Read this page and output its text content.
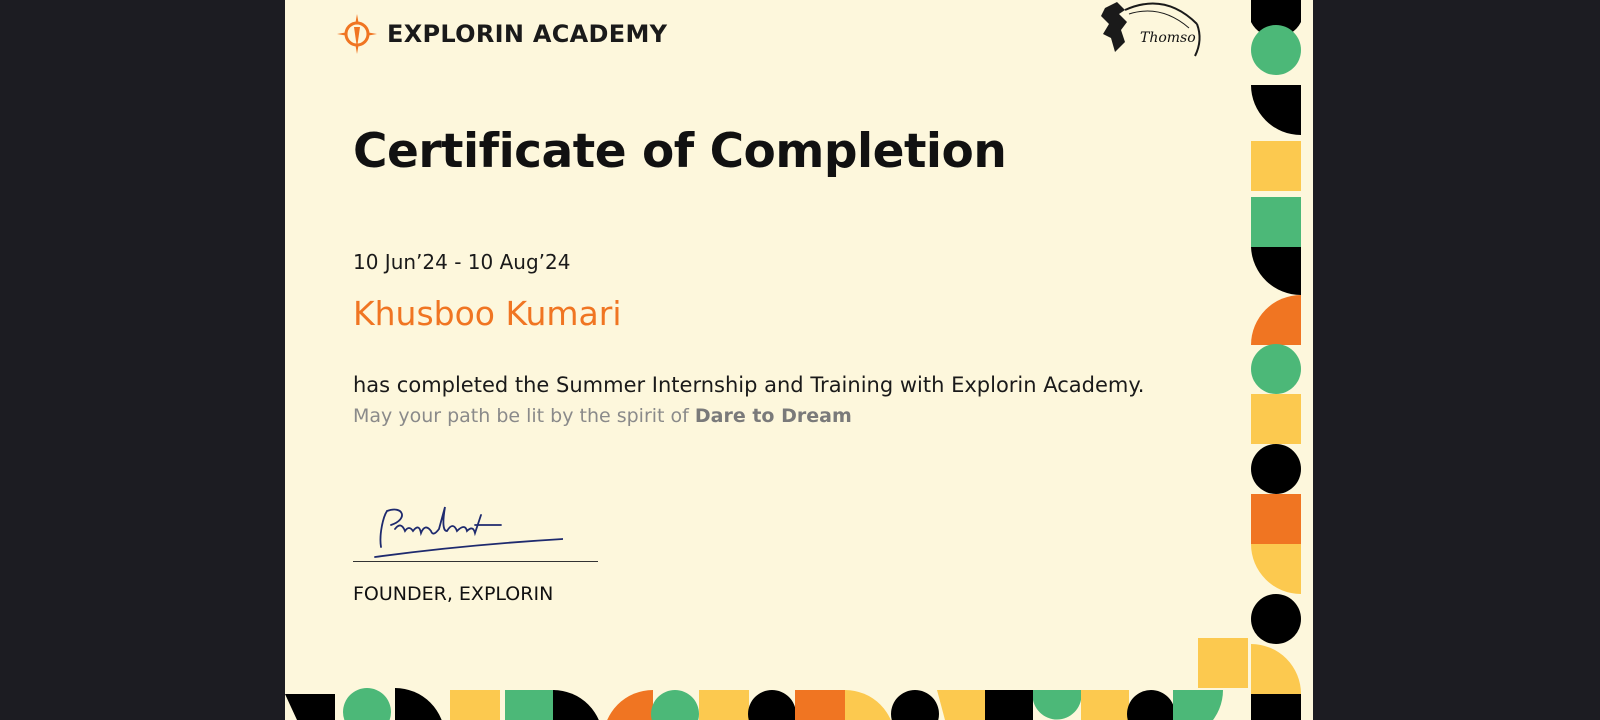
EXPLORIN ACADEMY	Thomso
Certificate of Completion
10 Jun’24 - 10 Aug’24
Khusboo Kumari
has completed the Summer Internship and Training with Explorin Academy.
May your path be lit by the spirit of Dare to Dream
FOUNDER, EXPLORIN
